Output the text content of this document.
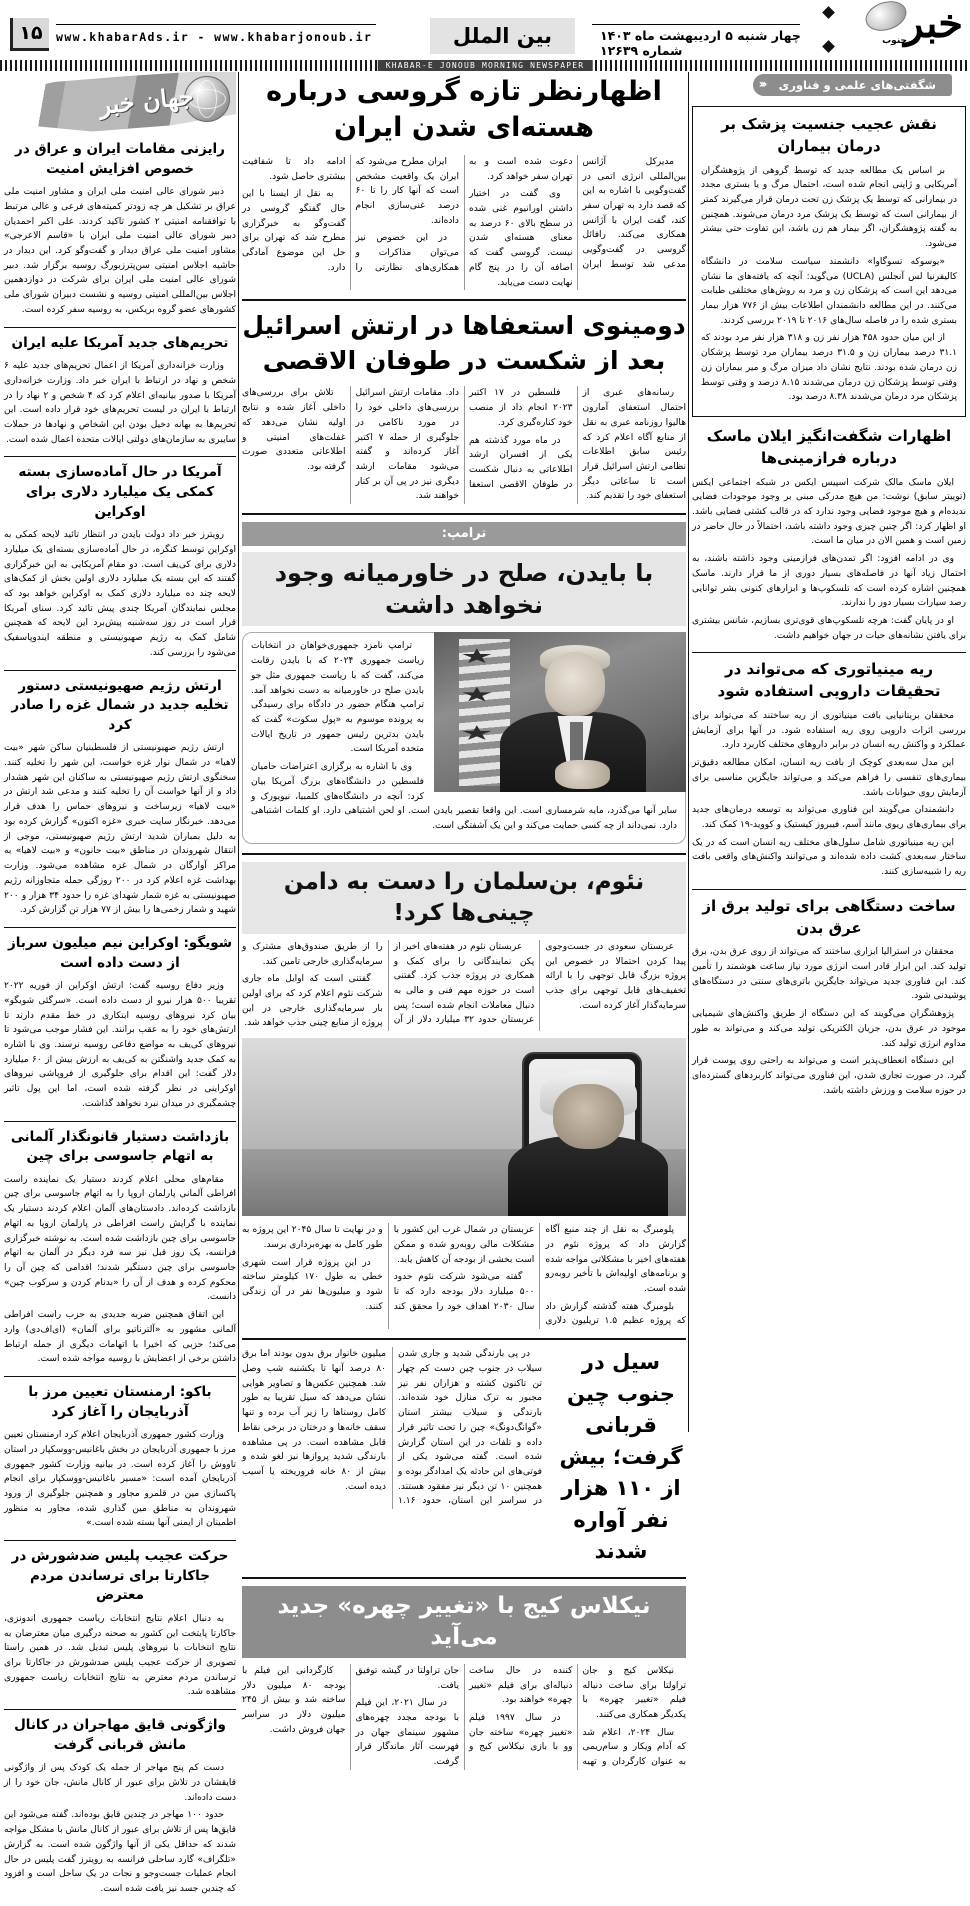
۱۵	www.khabarAds.ir - www.khabarjonoub.ir	بین الملل	چهار شنبه ۵ اردیبهشت ماه ۱۴۰۳ شماره ۱۲۶۳۹
خبر
جنوب
KHABAR-E JONOUB MORNING NEWSPAPER
جهان خبر
رایزنی مقامات ایران و عراق در خصوص افزایش امنیت

دبیر شورای عالی امنیت ملی ایران و مشاور امنیت ملی عراق بر تشکیل هر چه زودتر کمیته‌های فرعی و عالی مرتبط با توافقنامه امنیتی ۲ کشور تاکید کردند. علی اکبر احمدیان دبیر شورای عالی امنیت ملی ایران با «قاسم الاعرجی» مشاور امنیت ملی عراق دیدار و گفت‌وگو کرد. این دیدار در حاشیه اجلاس امنیتی سن‌پترزبورگ روسیه برگزار شد. دبیر شورای عالی امنیت ملی ایران برای شرکت در دوازدهمین اجلاس بین‌المللی امنیتی روسیه و نشست دبیران شورای ملی کشورهای عضو گروه بریکس، به روسیه سفر کرده است.

تحریم‌های جدید آمریکا علیه ایران

وزارت خزانه‌داری آمریکا از اعمال تحریم‌های جدید علیه ۶ شخص و نهاد در ارتباط با ایران خبر داد. وزارت خزانه‌داری آمریکا با صدور بیانیه‌ای اعلام کرد که ۴ شخص و ۲ نهاد را در ارتباط با ایران در لیست تحریم‌های خود قرار داده است. این تحریم‌ها به بهانه دخیل بودن این اشخاص و نهادها در حملات سایبری به سازمان‌های دولتی ایالات متحده اعمال شده است.

آمریکا در حال آماده‌سازی بسته کمکی یک میلیارد دلاری برای اوکراین

رویترز خبر داد دولت بایدن در انتظار تائید لایحه کمکی به اوکراین توسط کنگره، در حال آماده‌سازی بسته‌ای یک میلیارد دلاری برای کی‌یف است. دو مقام آمریکایی به این خبرگزاری گفتند که این بسته یک میلیارد دلاری اولین بخش از کمک‌های لایحه چند ده میلیارد دلاری کمک به اوکراین خواهد بود که مجلس نمایندگان آمریکا چندی پیش تائید کرد. سنای آمریکا قرار است در روز سه‌شنبه پیش‌برد این لایحه که همچنین شامل کمک به رژیم صهیونیستی و منطقه ایندوپاسفیک می‌شود را بررسی کند.

ارتش رژیم صهیونیستی دستور تخلیه جدید در شمال غزه را صادر کرد

ارتش رژیم صهیونیستی از فلسطینیان ساکن شهر «بیت لاهیا» در شمال نوار غزه خواست، این شهر را تخلیه کنند. سخنگوی ارتش رژیم صهیونیستی به ساکنان این شهر هشدار داد و از آنها خواست آن را تخلیه کنند و مدعی شد ارتش در «بیت لاهیا» زیرساخت و نیروهای حماس را هدف قرار می‌دهد. خبرنگار سایت خبری «غزه اکنون» گزارش کرده بود به دلیل بمباران شدید ارتش رژیم صهیونیستی، موجی از انتقال شهروندان در مناطق «بیت حانون» و «بیت لاهیا» به مراکز آوارگان در شمال غزه مشاهده می‌شود. وزارت بهداشت غزه اعلام کرد در ۲۰۰ روزگی حمله متجاوزانه رژیم صهیونیستی به غزه شمار شهدای غزه را حدود ۳۴ هزار و ۲۰۰ شهید و شمار زخمی‌ها را بیش از ۷۷ هزار تن گزارش کرد.

شویگو: اوکراین نیم میلیون سرباز از دست داده است

وزیر دفاع روسیه گفت: ارتش اوکراین از فوریه ۲۰۲۲ تقریبا ۵۰۰ هزار نیرو از دست داده است. «سرگئی شویگو» بیان کرد نیروهای روسیه ابتکاری در خط مقدم دارند تا ارتش‌های خود را به عقب برانند. این فشار موجب می‌شود تا نیروهای کی‌یف به مواضع دفاعی روسیه نرسند. وی با اشاره به کمک جدید واشنگتن به کی‌یف به ارزش بیش از ۶۰ میلیارد دلار گفت: این اقدام برای جلوگیری از فروپاشی نیروهای اوکراینی در نظر گرفته شده است، اما این پول تاثیر چشمگیری در میدان نبرد نخواهد گذاشت.

بازداشت دستیار قانونگذار آلمانی به اتهام جاسوسی برای چین

مقام‌های محلی اعلام کردند دستیار یک نماینده راست افراطی آلمانی پارلمان اروپا را به اتهام جاسوسی برای چین بازداشت کرده‌اند. دادستان‌های آلمان اعلام کردند دستیار یک نماینده با گرایش راست افراطی در پارلمان اروپا به اتهام جاسوسی برای چین بازداشت شده است. به نوشته خبرگزاری فرانسه، یک روز قبل نیز سه فرد دیگر در آلمان به اتهام جاسوسی برای چین دستگیر شدند؛ اقدامی که چین آن را محکوم کرده و هدف از آن را «بدنام کردن و سرکوب چین» دانست.

این اتفاق همچنین ضربه جدیدی به حزب راست افراطی آلمانی مشهور به «آلترناتیو برای آلمان» (ای‌اف‌دی) وارد می‌کند؛ حزبی که اخیرا با اتهامات دیگری از جمله ارتباط داشتن برخی از اعضایش با روسیه مواجه شده است.

باکو: ارمنستان تعیین مرز با آذربایجان را آغاز کرد

وزارت کشور جمهوری آذربایجان اعلام کرد ارمنستان تعیین مرز با جمهوری آذربایجان در بخش باغانیس-ووسکپار در استان تاووش را آغاز کرده است. در بیانیه وزارت کشور جمهوری آذربایجان آمده است: «مسیر باغانیس-ووسکپار برای انجام پاکسازی مین در قلمرو مجاور و همچنین جلوگیری از ورود شهروندان به مناطق مین گذاری شده، مجاور به منظور اطمینان از ایمنی آنها بسته شده است.»

حرکت عجیب پلیس ضدشورش در جاکارتا برای ترساندن مردم معترض

به دنبال اعلام نتایج انتخابات ریاست جمهوری اندونزی، جاکارتا پایتخت این کشور به صحنه درگیری میان معترضان به نتایج انتخابات با نیروهای پلیس تبدیل شد. در همین راستا تصویری از حرکت عجیب پلیس ضدشورش در جاکارتا برای ترساندن مردم معترض به نتایج انتخابات ریاست جمهوری مشاهده شد.

واژگونی قایق مهاجران در کانال مانش قربانی گرفت

دست کم پنج مهاجر از جمله یک کودک پس از واژگونی قایقشان در تلاش برای عبور از کانال مانش، جان خود را از دست داده‌اند.

حدود ۱۰۰ مهاجر در چندین قایق بوده‌اند. گفته می‌شود این قایق‌ها پس از تلاش برای عبور از کانال مانش با مشکل مواجه شدند که حداقل یکی از آنها واژگون شده است. به گزارش «تلگراف» گارد ساحلی فرانسه به رویترز گفت پلیس در حال انجام عملیات جست‌وجو و نجات در یک ساحل است و افزود که چندین جسد نیز یافت شده است.

اظهارنظر تازه گروسی درباره هسته‌ای شدن ایران

مدیرکل آژانس بین‌المللی انرژی اتمی در گفت‌وگویی با اشاره به این که قصد دارد به تهران سفر کند، گفت ایران با آژانس همکاری می‌کند. رافائل گروسی در گفت‌وگویی مدعی شد توسط ایران دعوت شده است و به تهران سفر خواهد کرد.

وی گفت در اختیار داشتن اورانیوم غنی شده در سطح بالای ۶۰ درصد به معنای هسته‌ای شدن نیست. گروسی گفت که اصافه آن را در پنج گام نهایت دست می‌یابد.

ایران مطرح می‌شود که ایران یک واقعیت مشخص است که آنها کار را تا ۶۰ درصد غنی‌سازی انجام داده‌اند.

در این خصوص نیز می‌توان مذاکرات و همکاری‌های نظارتی را ادامه داد تا شفافیت بیشتری حاصل شود.

به نقل از ایسنا با این حال گفتگو گروسی در گفت‌وگو به خبرگزاری مطرح شد که تهران برای حل این موضوع آمادگی دارد.

دومینوی استعفاها در ارتش اسرائیل بعد از شکست در طوفان الاقصی

رسانه‌های عبری از احتمال استعفای آمارون هالیوا روزنامه عبری به نقل از منابع آگاه اعلام کرد که رئیس سابق اطلاعات نظامی ارتش اسرائیل قرار است تا ساعاتی دیگر استعفای خود را تقدیم کند.

فلسطین در ۱۷ اکتبر ۲۰۲۳ انجام داد از منصب خود کناره‌گیری کرد.

در ماه مورد گذشته هم یکی از افسران ارشد اطلاعاتی به دنبال شکست در طوفان الاقصی استعفا داد. مقامات ارتش اسرائیل بررسی‌های داخلی خود را در مورد ناکامی در جلوگیری از حمله ۷ اکتبر آغاز کرده‌اند و گفته می‌شود مقامات ارشد دیگری نیز در پی آن بر کنار خواهند شد.

تلاش برای بررسی‌های داخلی آغاز شده و نتایج اولیه نشان می‌دهد که غفلت‌های امنیتی و اطلاعاتی متعددی صورت گرفته بود.

ترامپ:
با بایدن، صلح در خاورمیانه وجود نخواهد داشت

ترامپ نامزد جمهوری‌خواهان در انتخابات ریاست جمهوری ۲۰۲۴ که با بایدن رقابت می‌کند، گفت که با ریاست جمهوری مثل جو بایدن صلح در خاورمیانه به دست نخواهد آمد. ترامپ هنگام حضور در دادگاه برای رسیدگی به پرونده موسوم به «پول سکوت» گفت که بایدن بدترین رئیس جمهور در تاریخ ایالات متحده آمریکا است.

وی با اشاره به برگزاری اعتراضات حامیان فلسطین در دانشگاه‌های بزرگ آمریکا بیان کرد: آنچه در دانشگاه‌های کلمبیا، نیویورک و سایر آنها می‌گذرد، مایه شرمساری است. این واقعا تقصیر بایدن است. او لحن اشتباهی دارد. او کلمات اشتباهی دارد. نمی‌داند از چه کسی حمایت می‌کند و این یک آشفتگی است.

نئوم، بن‌سلمان را دست به دامن چینی‌ها کرد!

عربستان سعودی در جست‌وجوی پیدا کردن احتمالا در خصوص این پروژه بزرگ قابل توجهی را با ارائه تخفیف‌های قابل توجهی برای جذب سرمایه‌گذار آغاز کرده است.

عربستان نئوم در هفته‌های اخیر از پکن نمایندگانی را برای کمک و همکاری در پروژه جذب کرد. گفتنی است در حوزه مهم فنی و مالی به دنبال معاملات انجام شده است؛ پس عربستان حدود ۳۲ میلیارد دلار از آن را از طریق صندوق‌های مشترک و سرمایه‌گذاری خارجی تامین کند.

گفتنی است که اوایل ماه جاری شرکت نئوم اعلام کرد که برای اولین بار سرمایه‌گذاری خارجی در این پروژه از منابع چینی جذب خواهد شد.

پلومبرگ به نقل از چند منبع آگاه گزارش داد که پروژه نئوم در هفته‌های اخیر با مشکلاتی مواجه شده و برنامه‌های اولیه‌اش با تأخیر روبه‌رو شده است.

بلومبرگ هفته گذشته گزارش داد که پروژه عظیم ۱.۵ تریلیون دلاری عربستان در شمال غرب این کشور با مشکلات مالی روبه‌رو شده و ممکن است بخشی از بودجه آن کاهش یابد.

گفته می‌شود شرکت نئوم حدود ۵۰۰ میلیارد دلار بودجه دارد که تا سال ۲۰۳۰ اهداف خود را محقق کند و در نهایت تا سال ۲۰۴۵ این پروژه به طور کامل به بهره‌برداری برسد.

در این پروژه قرار است شهری خطی به طول ۱۷۰ کیلومتر ساخته شود و میلیون‌ها نفر در آن زندگی کنند.

در پی بارندگی شدید و جاری شدن سیلاب در جنوب چین دست کم چهار تن تاکنون کشته و هزاران نفر نیز مجبور به ترک منازل خود شده‌اند. بارندگی و سیلاب بیشتر استان «گوانگ‌دونگ» چین را تحت تاثیر قرار داده و تلفات در این استان گزارش شده است. گفته می‌شود یکی از فوتی‌های این حادثه یک امدادگر بوده و همچنین ۱۰ تن دیگر نیز مفقود هستند. در سراسر این استان، حدود ۱.۱۶ میلیون خانوار برق بدون بودند اما برق ۸۰ درصد آنها تا یکشنبه شب وصل شد. همچنین عکس‌ها و تصاویر هوایی نشان می‌دهد که سیل تقریبا به طور کامل روستاها را زیر آب برده و تنها سقف خانه‌ها و درختان در برخی نقاط قابل مشاهده است. در پی مشاهده بارندگی شدید پروازها نیز لغو شده و بیش از ۸۰ خانه فروریخته یا آسیب دیده است.

سیل در جنوب چین قربانی گرفت؛ بیش از ۱۱۰ هزار نفر آواره شدند
نیکلاس کیج با «تغییر چهره» جدید می‌آید

نیکلاس کیج و جان تراولتا برای ساخت دنباله فیلم «تغییر چهره» با یکدیگر همکاری می‌کنند.

سال ۲۰۲۴، اعلام شد که آدام ویکار و سام‌ریمی به عنوان کارگردان و تهیه کننده در حال ساخت دنباله‌ای برای فیلم «تغییر چهره» خواهند بود.

در سال ۱۹۹۷ فیلم «تغییر چهره» ساخته جان وو با بازی نیکلاس کیج و جان تراولتا در گیشه توفیق یافت.

در سال ۲۰۲۱، این فیلم با بودجه مجدد چهره‌های مشهور سینمای جهان در فهرست آثار ماندگار قرار گرفت.

کارگردانی این فیلم با بودجه ۸۰ میلیون دلار ساخته شد و بیش از ۲۴۵ میلیون دلار در سراسر جهان فروش داشت.

‹‹‹ شگفتی‌های علمی و فناوری
نقش عجیب جنسیت پزشک بر درمان بیماران

بر اساس یک مطالعه جدید که توسط گروهی از پژوهشگران آمریکایی و ژاپنی انجام شده است، احتمال مرگ و یا بستری مجدد در بیمارانی که توسط یک پزشک زن تحت درمان قرار می‌گیرند کمتر از بیمارانی است که توسط یک پزشک مرد درمان می‌شوند. همچنین به گفته پژوهشگران، اگر بیمار هم زن باشد، این تفاوت حتی بیشتر می‌شود.

«یوسوکه تسوگاوا» دانشمند سیاست سلامت در دانشگاه کالیفرنیا لس آنجلس (UCLA) می‌گوید: آنچه که یافته‌های ما نشان می‌دهد این است که پزشکان زن و مرد به روش‌های مختلفی طبابت می‌کنند. در این مطالعه دانشمندان اطلاعات بیش از ۷۷۶ هزار بیمار بستری شده را در فاصله سال‌های ۲۰۱۶ تا ۲۰۱۹ بررسی کردند.

از این میان حدود ۴۵۸ هزار نفر زن و ۳۱۸ هزار نفر مرد بودند که ۳۱.۱ درصد بیماران زن و ۳۱.۵ درصد بیماران مرد توسط پزشکان زن درمان شده بودند. نتایج نشان داد میزان مرگ و میر بیماران زن وقتی توسط پزشکان زن درمان می‌شدند ۸.۱۵ درصد و وقتی توسط پزشکان مرد درمان می‌شدند ۸.۳۸ درصد بود.

اظهارات شگفت‌انگیز ایلان ماسک درباره فرازمینی‌ها

ایلان ماسک مالک شرکت اسپیس ایکس در شبکه اجتماعی ایکس (توییتر سابق) نوشت: من هیچ مدرکی مبنی بر وجود موجودات فضایی ندیده‌ام و هیچ موجود فضایی وجود ندارد که در قالب کشتی فضایی باشد. او اظهار کرد: اگر چنین چیزی وجود داشته باشد، احتمالاً در حال حاضر در زمین است و همین الان در میان ما است.

وی در ادامه افزود: اگر تمدن‌های فرازمینی وجود داشته باشند، به احتمال زیاد آنها در فاصله‌های بسیار دوری از ما قرار دارند. ماسک همچنین اشاره کرده است که تلسکوپ‌ها و ابزارهای کنونی بشر توانایی رصد سیارات بسیار دور را ندارند.

او در پایان گفت: هرچه تلسکوپ‌های قوی‌تری بسازیم، شانس بیشتری برای یافتن نشانه‌های حیات در جهان خواهیم داشت.

ریه مینیاتوری که می‌تواند در تحقیقات دارویی استفاده شود

محققان بریتانیایی بافت مینیاتوری از ریه ساختند که می‌تواند برای بررسی اثرات دارویی روی ریه استفاده شود. در آنها برای آزمایش عملکرد و واکنش ریه انسان در برابر داروهای مختلف کاربرد دارد.

این مدل سه‌بعدی کوچک از بافت ریه انسان، امکان مطالعه دقیق‌تر بیماری‌های تنفسی را فراهم می‌کند و می‌تواند جایگزین مناسبی برای آزمایش روی حیوانات باشد.

دانشمندان می‌گویند این فناوری می‌تواند به توسعه درمان‌های جدید برای بیماری‌های ریوی مانند آسم، فیبروز کیستیک و کووید-۱۹ کمک کند.

این ریه مینیاتوری شامل سلول‌های مختلف ریه انسان است که در یک ساختار سه‌بعدی کشت داده شده‌اند و می‌توانند واکنش‌های واقعی بافت ریه را شبیه‌سازی کنند.

ساخت دستگاهی برای تولید برق از عرق بدن

محققان در استرالیا ابزاری ساختند که می‌تواند از روی عرق بدن، برق تولید کند. این ابزار قادر است انرژی مورد نیاز ساعت هوشمند را تأمین کند. این فناوری جدید می‌تواند جایگزین باتری‌های سنتی در دستگاه‌های پوشیدنی شود.

پژوهشگران می‌گویند که این دستگاه از طریق واکنش‌های شیمیایی موجود در عرق بدن، جریان الکتریکی تولید می‌کند و می‌تواند به طور مداوم انرژی تولید کند.

این دستگاه انعطاف‌پذیر است و می‌تواند به راحتی روی پوست قرار گیرد. در صورت تجاری شدن، این فناوری می‌تواند کاربردهای گسترده‌ای در حوزه سلامت و ورزش داشته باشد.
